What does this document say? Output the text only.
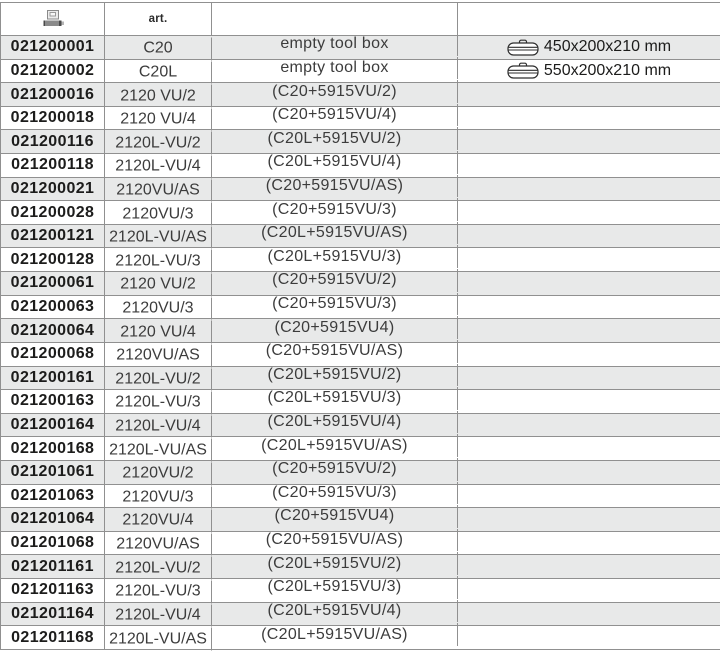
art.
021200001	C20	empty tool box	450x200x210 mm
021200002	C20L	empty tool box	550x200x210 mm
021200016	2120 VU/2	(C20+5915VU/2)
021200018	2120 VU/4	(C20+5915VU/4)
021200116	2120L-VU/2	(C20L+5915VU/2)
021200118	2120L-VU/4	(C20L+5915VU/4)
021200021	2120VU/AS	(C20+5915VU/AS)
021200028	2120VU/3	(C20+5915VU/3)
021200121 2120L-VU/AS	(C20L+5915VU/AS)
021200128	2120L-VU/3	(C20L+5915VU/3)
021200061	2120 VU/2	(C20+5915VU/2)
021200063	2120VU/3	(C20+5915VU/3)
021200064	2120 VU/4	(C20+5915VU4)
021200068	2120VU/AS	(C20+5915VU/AS)
021200161	2120L-VU/2	(C20L+5915VU/2)
021200163	2120L-VU/3	(C20L+5915VU/3)
021200164	2120L-VU/4	(C20L+5915VU/4)
021200168 2120L-VU/AS	(C20L+5915VU/AS)
021201061	2120VU/2	(C20+5915VU/2)
021201063	2120VU/3	(C20+5915VU/3)
021201064	2120VU/4	(C20+5915VU4)
021201068	2120VU/AS	(C20+5915VU/AS)
021201161	2120L-VU/2	(C20L+5915VU/2)
021201163	2120L-VU/3	(C20L+5915VU/3)
021201164	2120L-VU/4	(C20L+5915VU/4)
021201168 2120L-VU/AS	(C20L+5915VU/AS)
